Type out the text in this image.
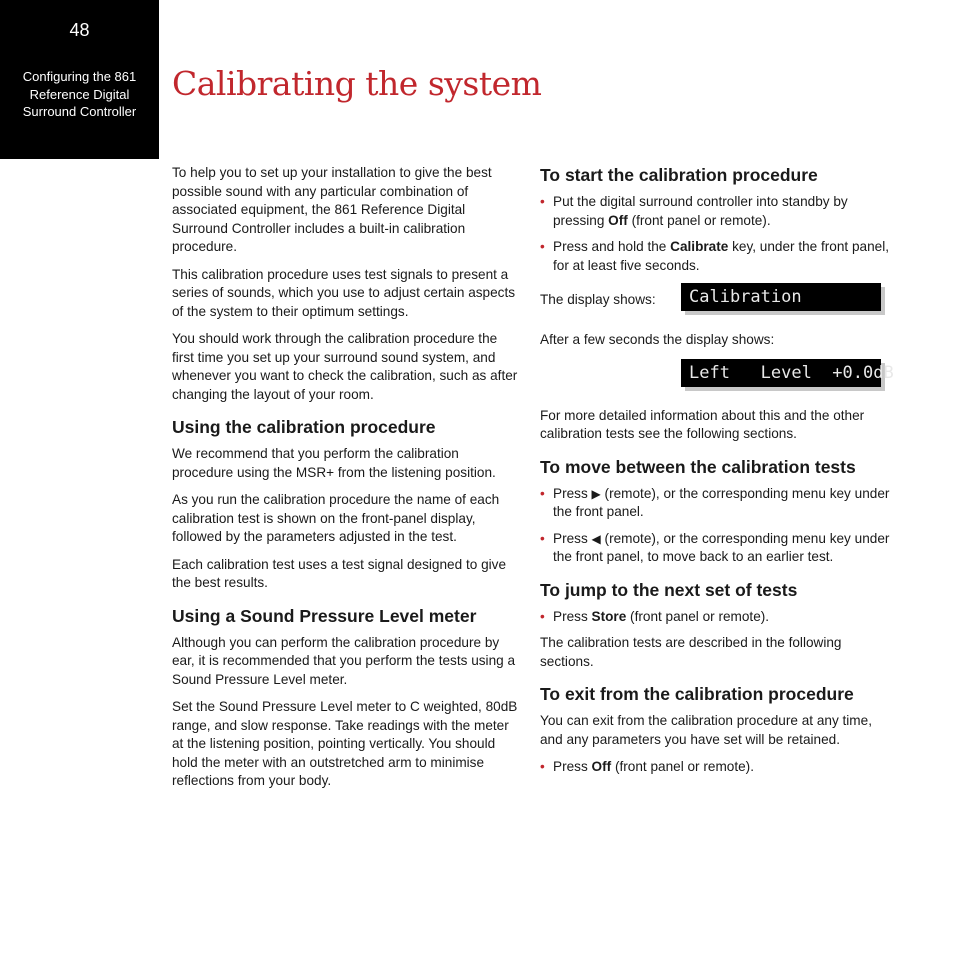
48
Configuring the 861
Reference Digital
Surround Controller
Calibrating the system

To help you to set up your installation to give the best possible sound with any particular combination of associated equipment, the 861 Reference Digital Surround Controller includes a built-in calibration procedure.

This calibration procedure uses test signals to present a series of sounds, which you use to adjust certain aspects of the system to their optimum settings.

You should work through the calibration procedure the first time you set up your surround sound system, and whenever you want to check the calibration, such as after changing the layout of your room.

Using the calibration procedure

We recommend that you perform the calibration procedure using the MSR+ from the listening position.

As you run the calibration procedure the name of each calibration test is shown on the front-panel display, followed by the parameters adjusted in the test.

Each calibration test uses a test signal designed to give the best results.

Using a Sound Pressure Level meter

Although you can perform the calibration procedure by ear, it is recommended that you perform the tests using a Sound Pressure Level meter.

Set the Sound Pressure Level meter to C weighted, 80dB range, and slow response. Take readings with the meter at the listening position, pointing vertically. You should hold the meter with an outstretched arm to minimise reflections from your body.

To start the calibration procedure
• Put the digital surround controller into standby by pressing Off (front panel or remote).
• Press and hold the Calibrate key, under the front panel, for at least five seconds.
The display shows:	Calibration

After a few seconds the display shows:

Left   Level  +0.0dB

For more detailed information about this and the other calibration tests see the following sections.

To move between the calibration tests
• Press ▶ (remote), or the corresponding menu key under the front panel.
• Press ◀ (remote), or the corresponding menu key under the front panel, to move back to an earlier test.
To jump to the next set of tests
• Press Store (front panel or remote).

The calibration tests are described in the following sections.

To exit from the calibration procedure

You can exit from the calibration procedure at any time, and any parameters you have set will be retained.

• Press Off (front panel or remote).
